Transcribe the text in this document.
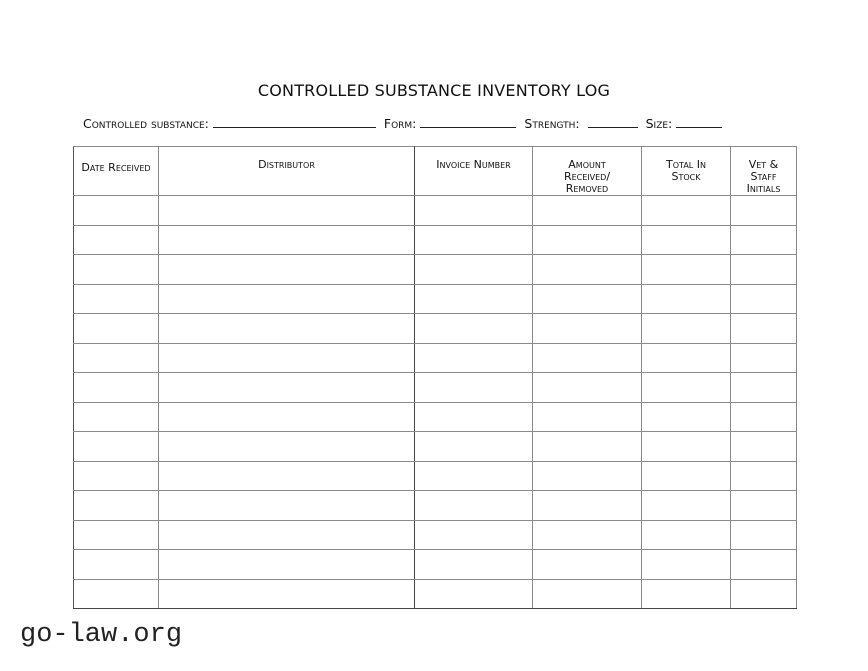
CONTROLLED SUBSTANCE INVENTORY LOG
Controlled substance:	Form:	Strength:	Size:
Date Received	Distributor	Invoice Number	Amount Received/ Removed	Total In Stock	Vet & Staff Initials

go-law.org
